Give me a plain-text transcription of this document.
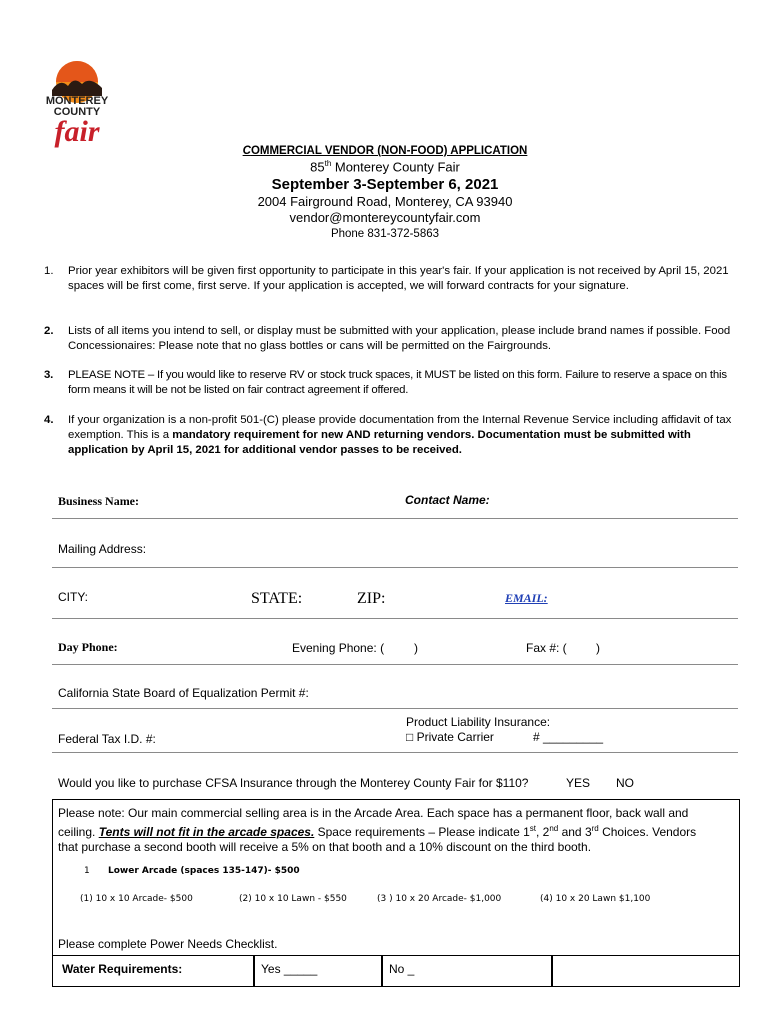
MONTEREY
COUNTY
fair
COMMERCIAL VENDOR (NON-FOOD) APPLICATION
85th Monterey County Fair
September 3-September 6, 2021
2004 Fairground Road, Monterey, CA 93940
vendor@montereycountyfair.com
Phone 831-372-5863
1.	Prior year exhibitors will be given first opportunity to participate in this year's fair. If your application is not received by April 15, 2021 spaces will be first come, first serve. If your application is accepted, we will forward contracts for your signature.
2.	Lists of all items you intend to sell, or display must be submitted with your application, please include brand names if possible. Food Concessionaires: Please note that no glass bottles or cans will be permitted on the Fairgrounds.
3.	PLEASE NOTE – If you would like to reserve RV or stock truck spaces, it MUST be listed on this form. Failure to reserve a space on this form means it will be not be listed on fair contract agreement if offered.
4.	If your organization is a non-profit 501-(C) please provide documentation from the Internal Revenue Service including affidavit of tax exemption. This is a mandatory requirement for new AND returning vendors. Documentation must be submitted with application by April 15, 2021 for additional vendor passes to be received.
Business Name:	Contact Name:
Mailing Address:
CITY:	STATE:	ZIP:	EMAIL:
Day Phone:	Evening Phone: ( )	Fax #: ( )
California State Board of Equalization Permit #:
Product Liability Insurance:
□ Private Carrier	# _________
Federal Tax I.D. #:
Would you like to purchase CFSA Insurance through the Monterey County Fair for $110?	YES NO
Please note: Our main commercial selling area is in the Arcade Area. Each space has a permanent floor, back wall and ceiling. Tents will not fit in the arcade spaces. Space requirements – Please indicate 1st, 2nd and 3rd Choices. Vendors that purchase a second booth will receive a 5% on that booth and a 10% discount on the third booth.
1 Lower Arcade (spaces 135-147)- $500
(1) 10 x 10 Arcade- $500	(2) 10 x 10 Lawn - $550	(3 ) 10 x 20 Arcade- $1,000	(4) 10 x 20 Lawn $1,100
Please complete Power Needs Checklist.
Water Requirements:	Yes _____	No _
